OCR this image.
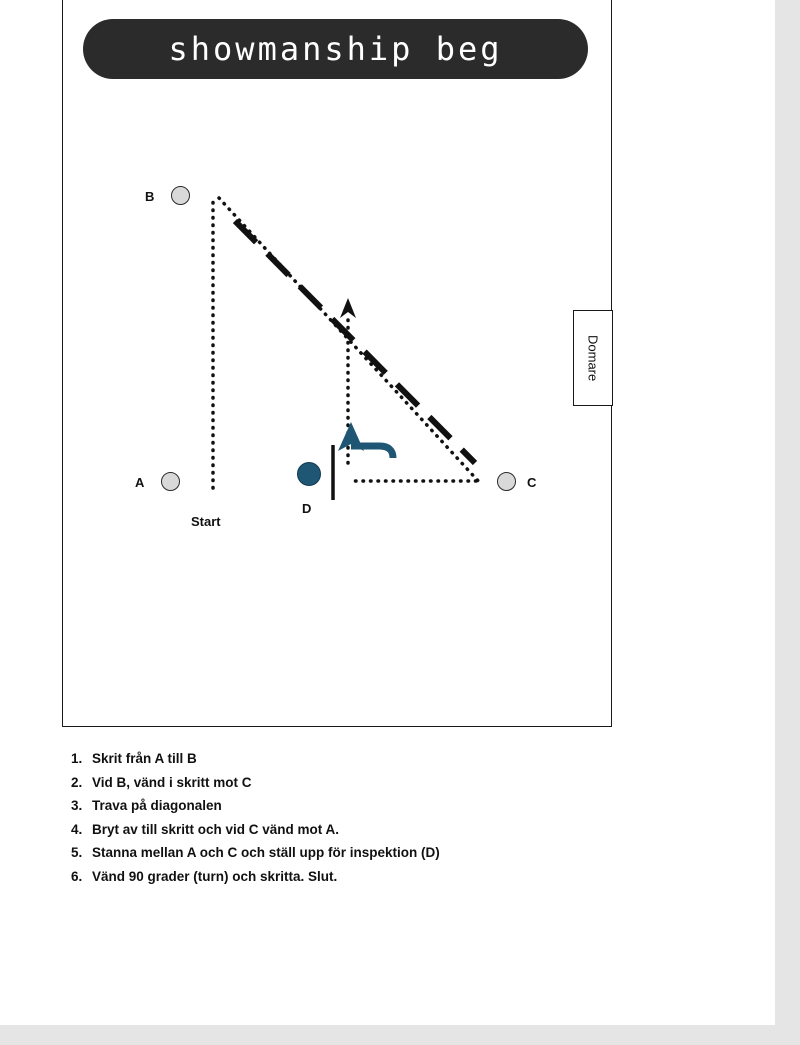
showmanship beg
B
A	C
D
Start
Domare
1. Skrit från A till B
2. Vid B, vänd i skritt mot C
3. Trava på diagonalen
4. Bryt av till skritt och vid C vänd mot A.
5. Stanna mellan A och C och ställ upp för inspektion (D)
6. Vänd 90 grader (turn) och skritta. Slut.
